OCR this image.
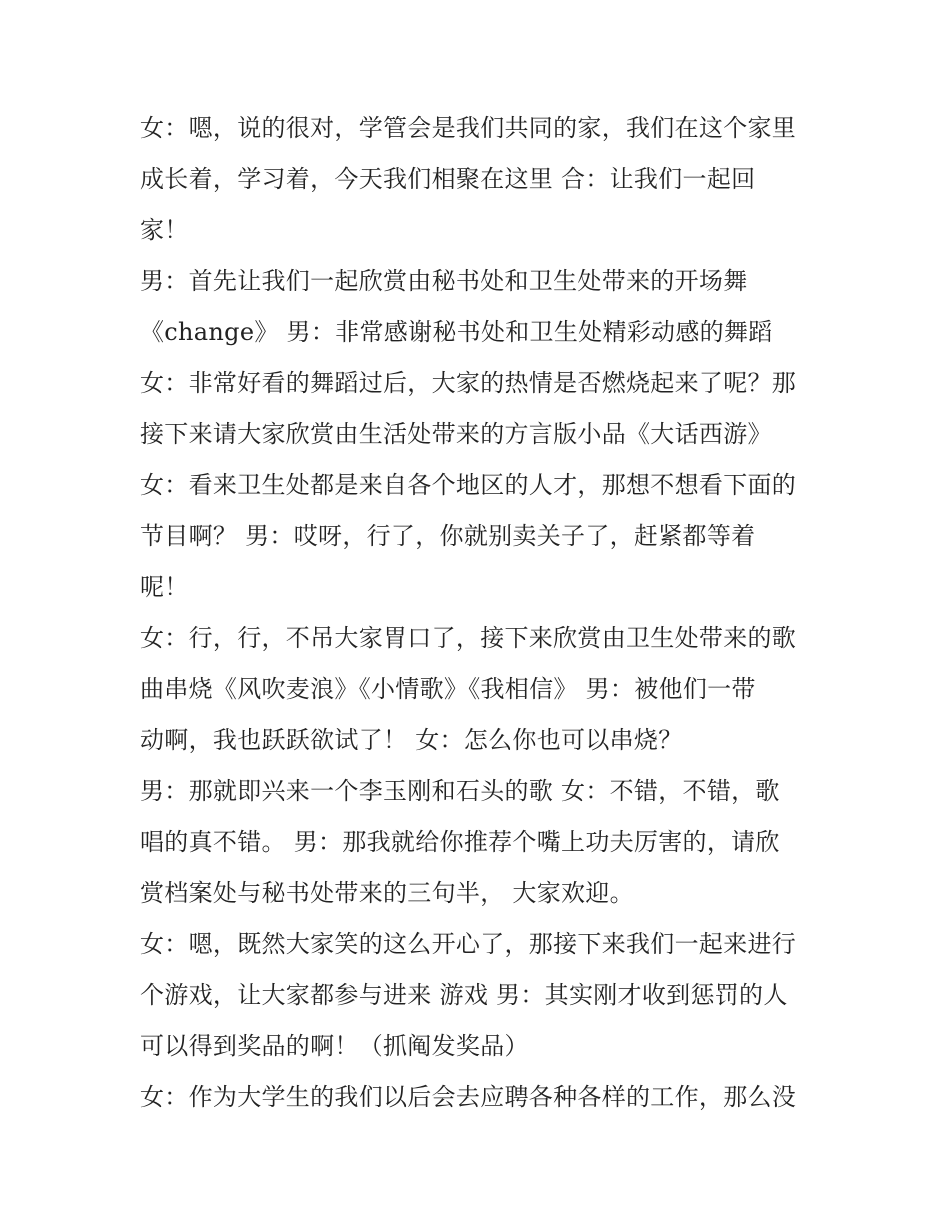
女：嗯，说的很对，学管会是我们共同的家，我们在这个家里
成长着，学习着，今天我们相聚在这里 合：让我们一起回
家！
男：首先让我们一起欣赏由秘书处和卫生处带来的开场舞
《change》 男：非常感谢秘书处和卫生处精彩动感的舞蹈
女：非常好看的舞蹈过后，大家的热情是否燃烧起来了呢？那
接下来请大家欣赏由生活处带来的方言版小品《大话西游》
女：看来卫生处都是来自各个地区的人才，那想不想看下面的
节目啊？ 男：哎呀，行了，你就别卖关子了，赶紧都等着
呢！
女：行，行，不吊大家胃口了，接下来欣赏由卫生处带来的歌
曲串烧《风吹麦浪》《小情歌》《我相信》 男：被他们一带
动啊，我也跃跃欲试了！ 女：怎么你也可以串烧？
男：那就即兴来一个李玉刚和石头的歌 女：不错，不错，歌
唱的真不错。 男：那我就给你推荐个嘴上功夫厉害的，请欣
赏档案处与秘书处带来的三句半， 大家欢迎。
女：嗯，既然大家笑的这么开心了，那接下来我们一起来进行
个游戏，让大家都参与进来 游戏 男：其实刚才收到惩罚的人
可以得到奖品的啊！（抓阄发奖品）
女：作为大学生的我们以后会去应聘各种各样的工作，那么没
